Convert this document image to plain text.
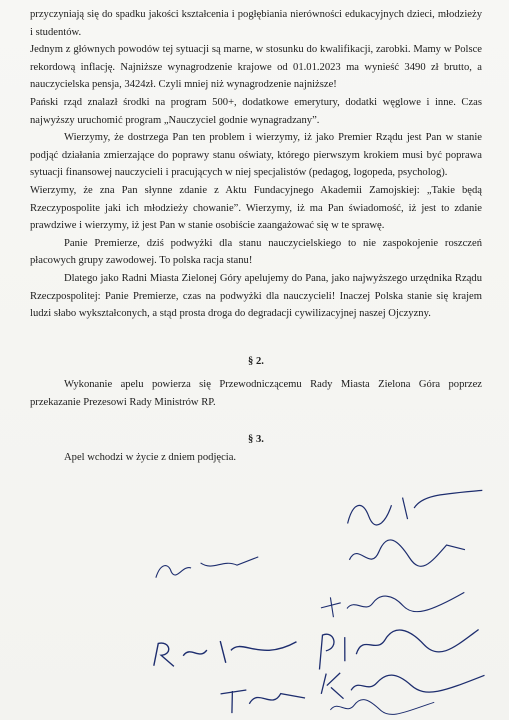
przyczyniają się do spadku jakości kształcenia i pogłębiania nierówności edukacyjnych dzieci, młodzieży i studentów.

Jednym z głównych powodów tej sytuacji są marne, w stosunku do kwalifikacji, zarobki. Mamy w Polsce rekordową inflację. Najniższe wynagrodzenie krajowe od 01.01.2023 ma wynieść 3490 zł brutto, a nauczycielska pensja, 3424zł. Czyli mniej niż wynagrodzenie najniższe!

Pański rząd znalazł środki na program 500+, dodatkowe emerytury, dodatki węglowe i inne. Czas najwyższy uruchomić program „Nauczyciel godnie wynagradzany”.

Wierzymy, że dostrzega Pan ten problem i wierzymy, iż jako Premier Rządu jest Pan w stanie podjąć działania zmierzające do poprawy stanu oświaty, którego pierwszym krokiem musi być poprawa sytuacji finansowej nauczycieli i pracujących w niej specjalistów (pedagog, logopeda, psycholog).

Wierzymy, że zna Pan słynne zdanie z Aktu Fundacyjnego Akademii Zamojskiej: „Takie będą Rzeczypospolite jaki ich młodzieży chowanie”. Wierzymy, iż ma Pan świadomość, iż jest to zdanie prawdziwe i wierzymy, iż jest Pan w stanie osobiście zaangażować się w te sprawę.

Panie Premierze, dziś podwyżki dla stanu nauczycielskiego to nie zaspokojenie roszczeń płacowych grupy zawodowej. To polska racja stanu!

Dlatego jako Radni Miasta Zielonej Góry apelujemy do Pana, jako najwyższego urzędnika Rządu Rzeczpospolitej: Panie Premierze, czas na podwyżki dla nauczycieli! Inaczej Polska stanie się krajem ludzi słabo wykształconych, a stąd prosta droga do degradacji cywilizacyjnej naszej Ojczyzny.

§ 2.

Wykonanie apelu powierza się Przewodniczącemu Rady Miasta Zielona Góra poprzez przekazanie Prezesowi Rady Ministrów RP.

§ 3.

Apel wchodzi w życie z dniem podjęcia.
